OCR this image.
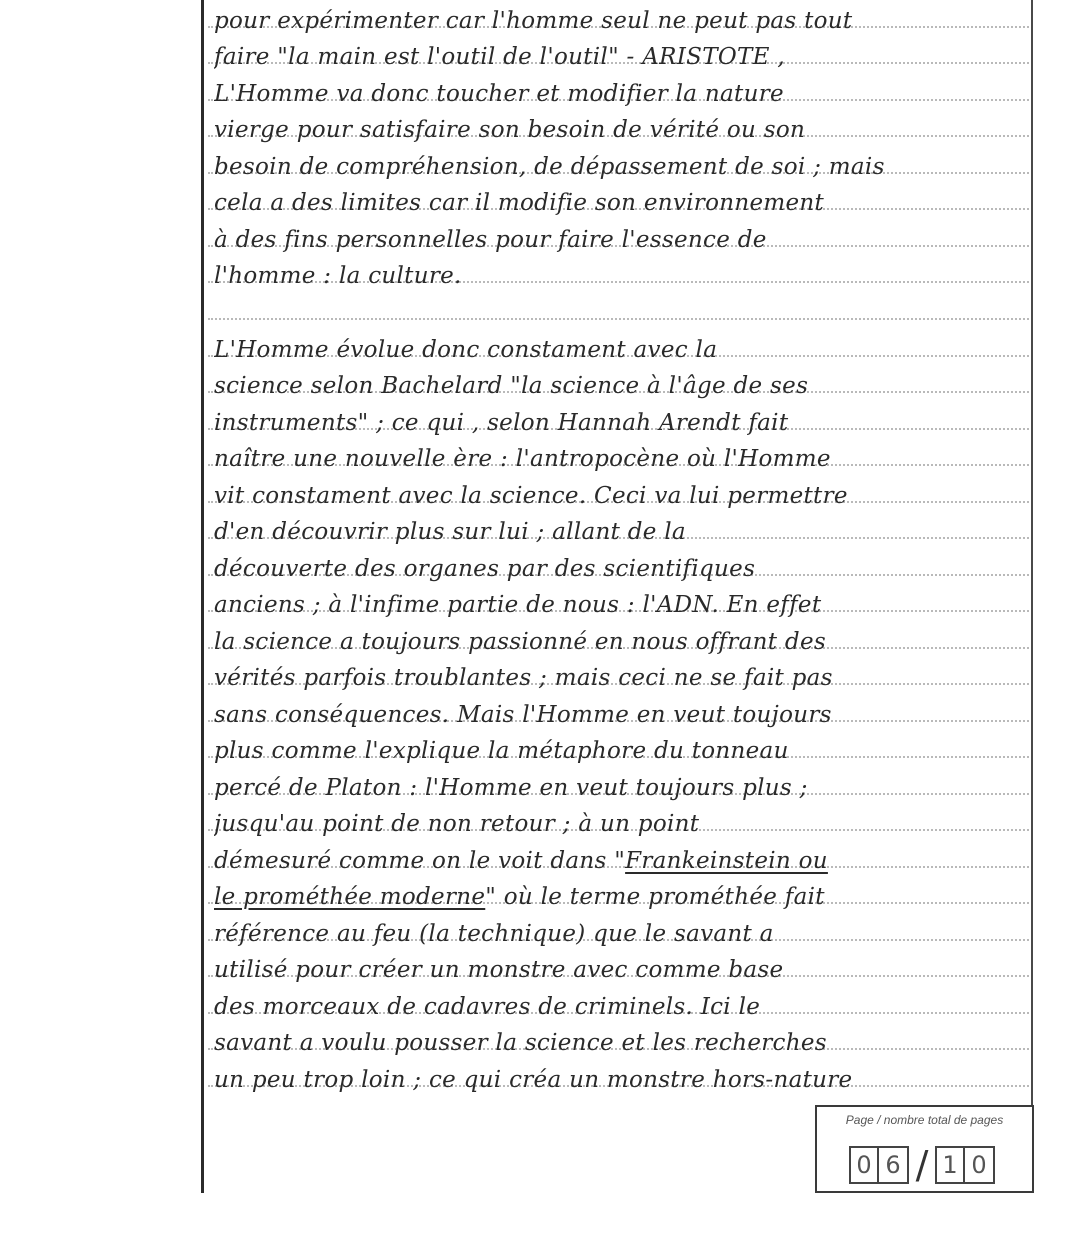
pour expérimenter car l'homme seul ne peut pas tout
faire "la main est l'outil de l'outil" - ARISTOTE ,
L'Homme va donc toucher et modifier la nature
vierge pour satisfaire son besoin de vérité ou son
besoin de compréhension, de dépassement de soi ; mais
cela a des limites car il modifie son environnement
à des fins personnelles pour faire l'essence de
l'homme : la culture.
L'Homme évolue donc constament avec la
science selon Bachelard "la science à l'âge de ses
instruments" ; ce qui , selon Hannah Arendt fait
naître une nouvelle ère : l'antropocène où l'Homme
vit constament avec la science. Ceci va lui permettre
d'en découvrir plus sur lui ; allant de la
découverte des organes par des scientifiques
anciens ; à l'infime partie de nous : l'ADN. En effet
la science a toujours passionné en nous offrant des
vérités parfois troublantes ; mais ceci ne se fait pas
sans conséquences. Mais l'Homme en veut toujours
plus comme l'explique la métaphore du tonneau
percé de Platon : l'Homme en veut toujours plus ;
jusqu'au point de non retour ; à un point
démesuré comme on le voit dans "Frankeinstein ou
le prométhée moderne" où le terme prométhée fait
référence au feu (la technique) que le savant a
utilisé pour créer un monstre avec comme base
des morceaux de cadavres de criminels. Ici le
savant a voulu pousser la science et les recherches
un peu trop loin ; ce qui créa un monstre hors-nature
Page / nombre total de pages
0 6 / 1 0
